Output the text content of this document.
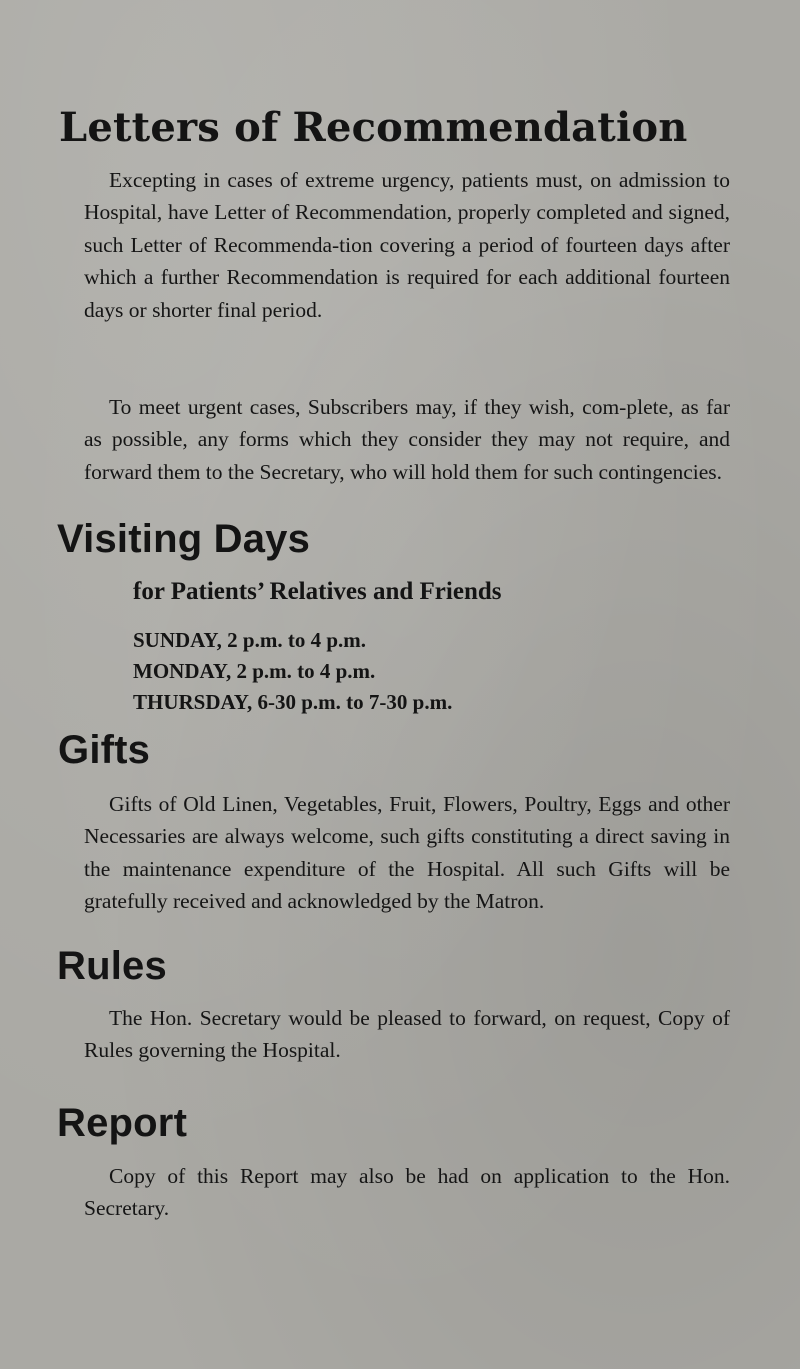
Letters of Recommendation

Excepting in cases of extreme urgency, patients must, on admission to Hospital, have Letter of Recommendation, properly completed and signed, such Letter of Recommenda-tion covering a period of fourteen days after which a further Recommendation is required for each additional fourteen days or shorter final period.

To meet urgent cases, Subscribers may, if they wish, com-plete, as far as possible, any forms which they consider they may not require, and forward them to the Secretary, who will hold them for such contingencies.

Visiting Days
for Patients’ Relatives and Friends
SUNDAY, 2 p.m. to 4 p.m.
MONDAY, 2 p.m. to 4 p.m.
THURSDAY, 6-30 p.m. to 7-30 p.m.
Gifts

Gifts of Old Linen, Vegetables, Fruit, Flowers, Poultry, Eggs and other Necessaries are always welcome, such gifts constituting a direct saving in the maintenance expenditure of the Hospital. All such Gifts will be gratefully received and acknowledged by the Matron.

Rules

The Hon. Secretary would be pleased to forward, on request, Copy of Rules governing the Hospital.

Report

Copy of this Report may also be had on application to the Hon. Secretary.
